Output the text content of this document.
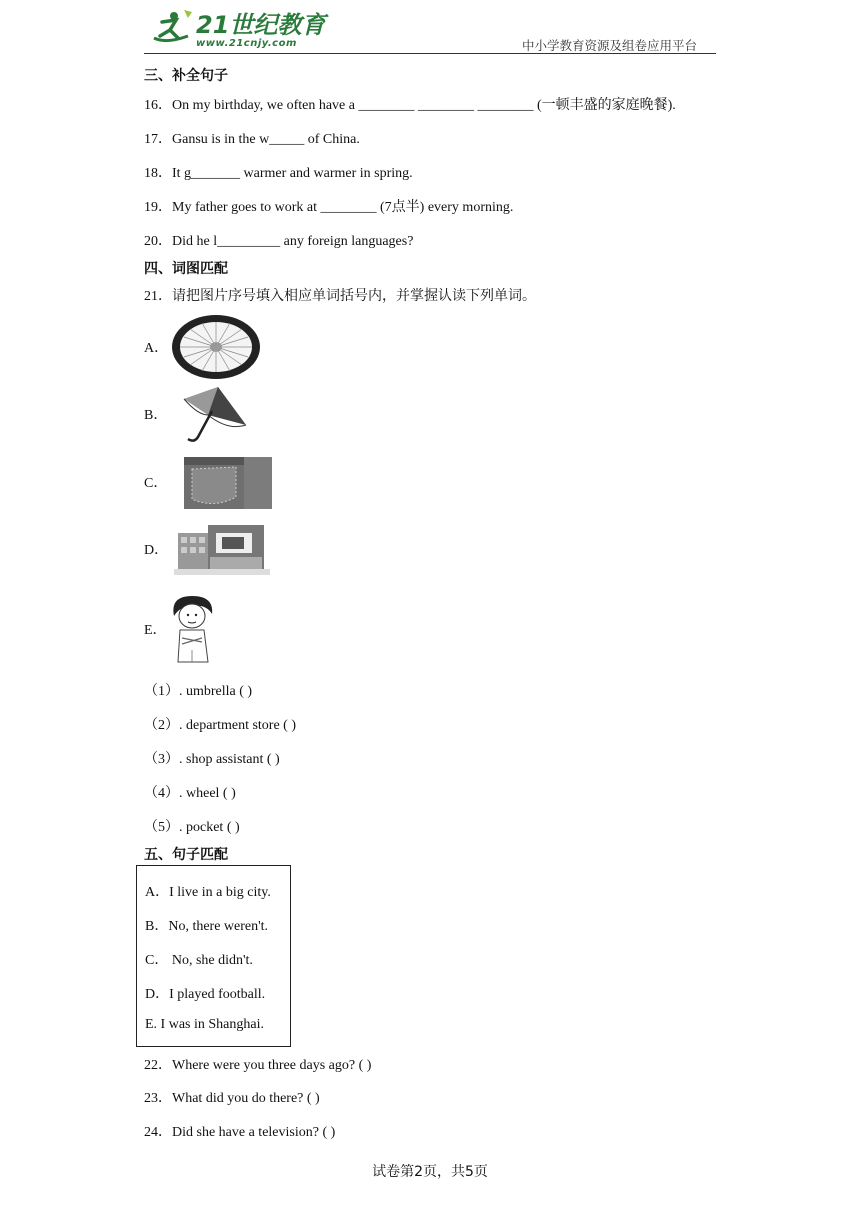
21世纪教育
www.21cnjy.com	中小学教育资源及组卷应用平台
三、补全句子
16．On my birthday, we often have a ________ ________ ________ (一顿丰盛的家庭晚餐).
17．Gansu is in the w_____ of China.
18．It g_______ warmer and warmer in spring.
19．My father goes to work at ________ (7点半) every morning.
20．Did he l_________ any foreign languages?
四、词图匹配
21．请把图片序号填入相应单词括号内，并掌握认读下列单词。
A．
B．
C．
D．
E．
（1）. umbrella ( )
（2）. department store ( )
（3）. shop assistant ( )
（4）. wheel ( )
（5）. pocket ( )
五、句子匹配
A．I live in a big city.
B．No, there weren't.
C． No, she didn't.
D．I played football.
E. I was in Shanghai.
22．Where were you three days ago? ( )
23．What did you do there? ( )
24．Did she have a television? ( )
试卷第2页，共5页
